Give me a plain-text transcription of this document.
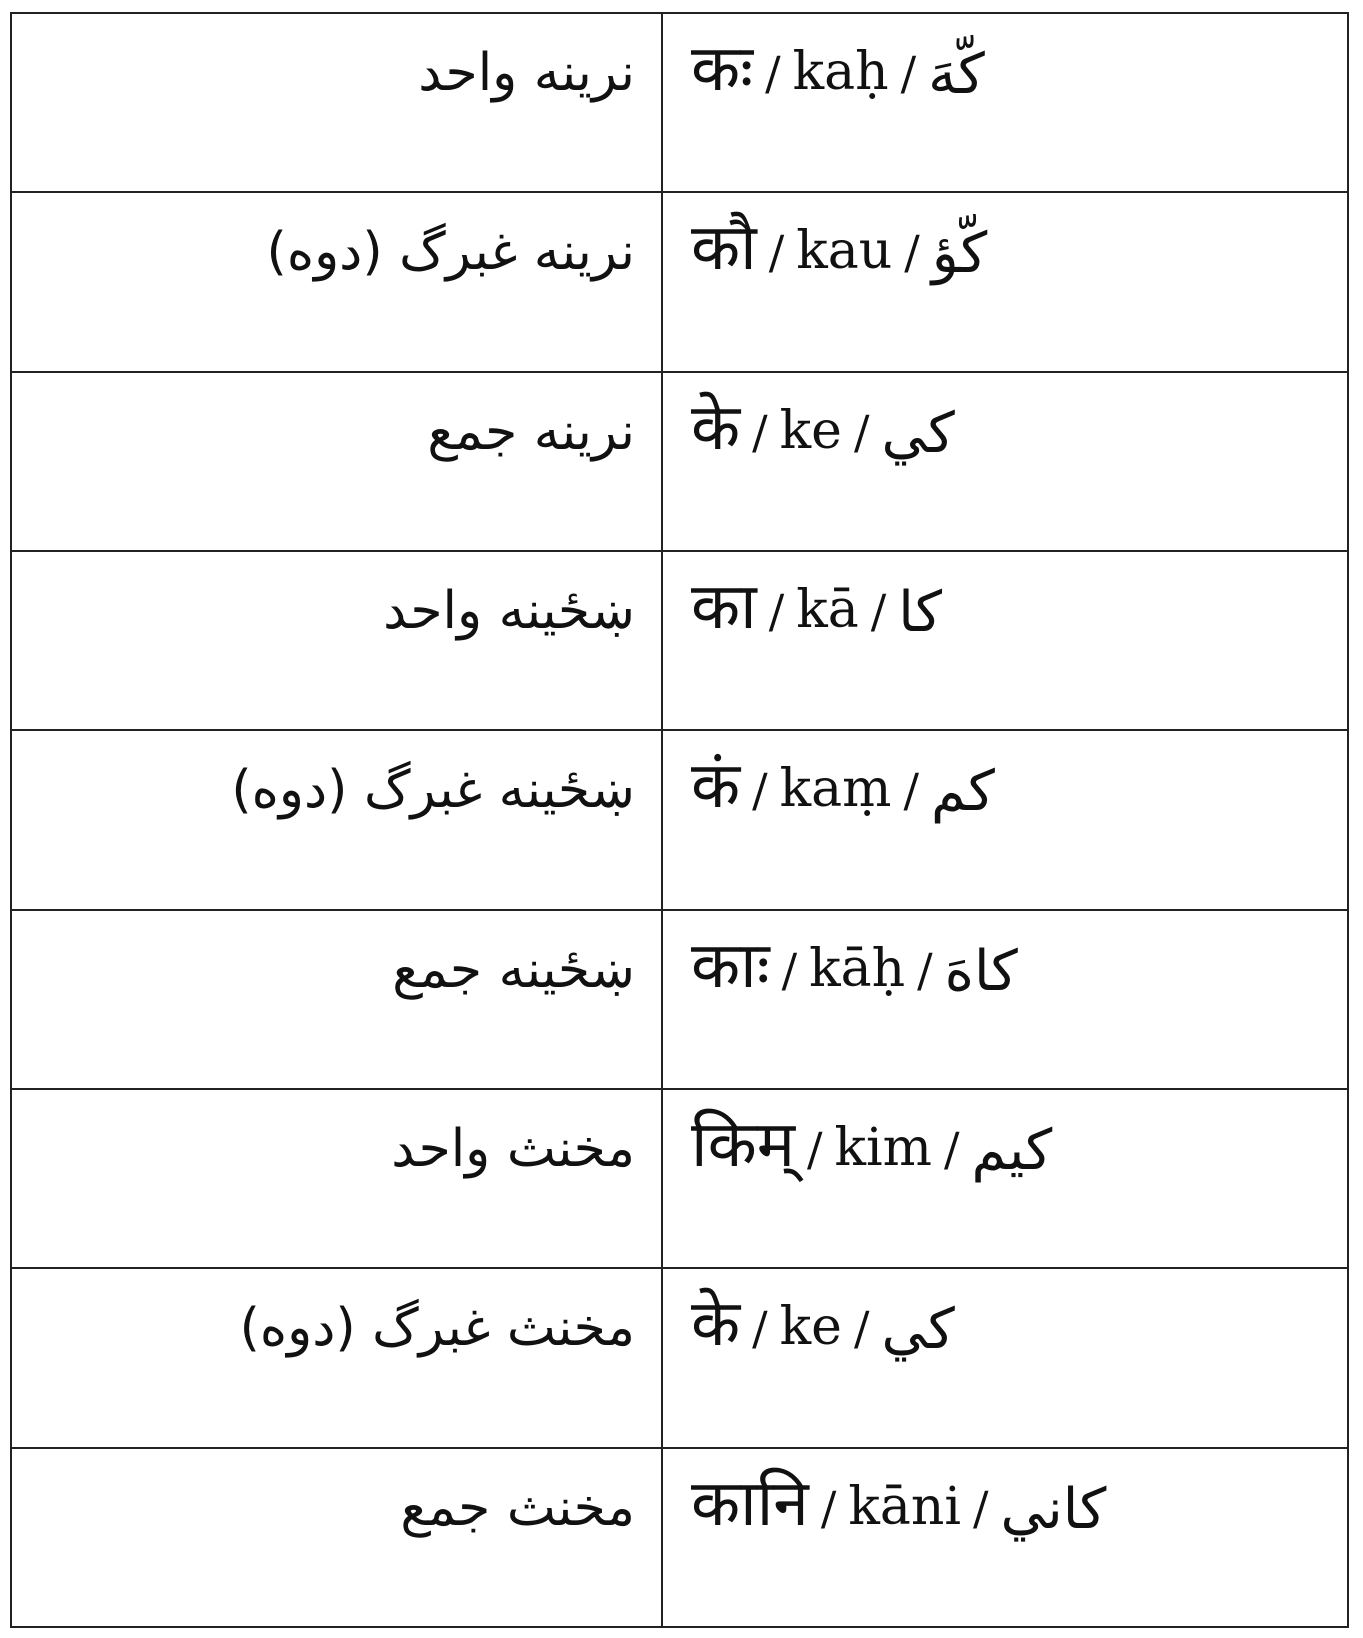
نرينه واحد कः / kaḥ / كّهَ
نرينه غبرگ (دوه) कौ / kau / كّؤ
نرينه جمع के / ke / كي
ښځينه واحد का / kā / كا
ښځينه غبرگ (دوه) कं / kaṃ / كم
ښځينه جمع काः / kāḥ / كاهَ
مخنث واحد किम् / kim / كيم
مخنث غبرگ (دوه) के / ke / كي
مخنث جمع कानि / kāni / كاني
